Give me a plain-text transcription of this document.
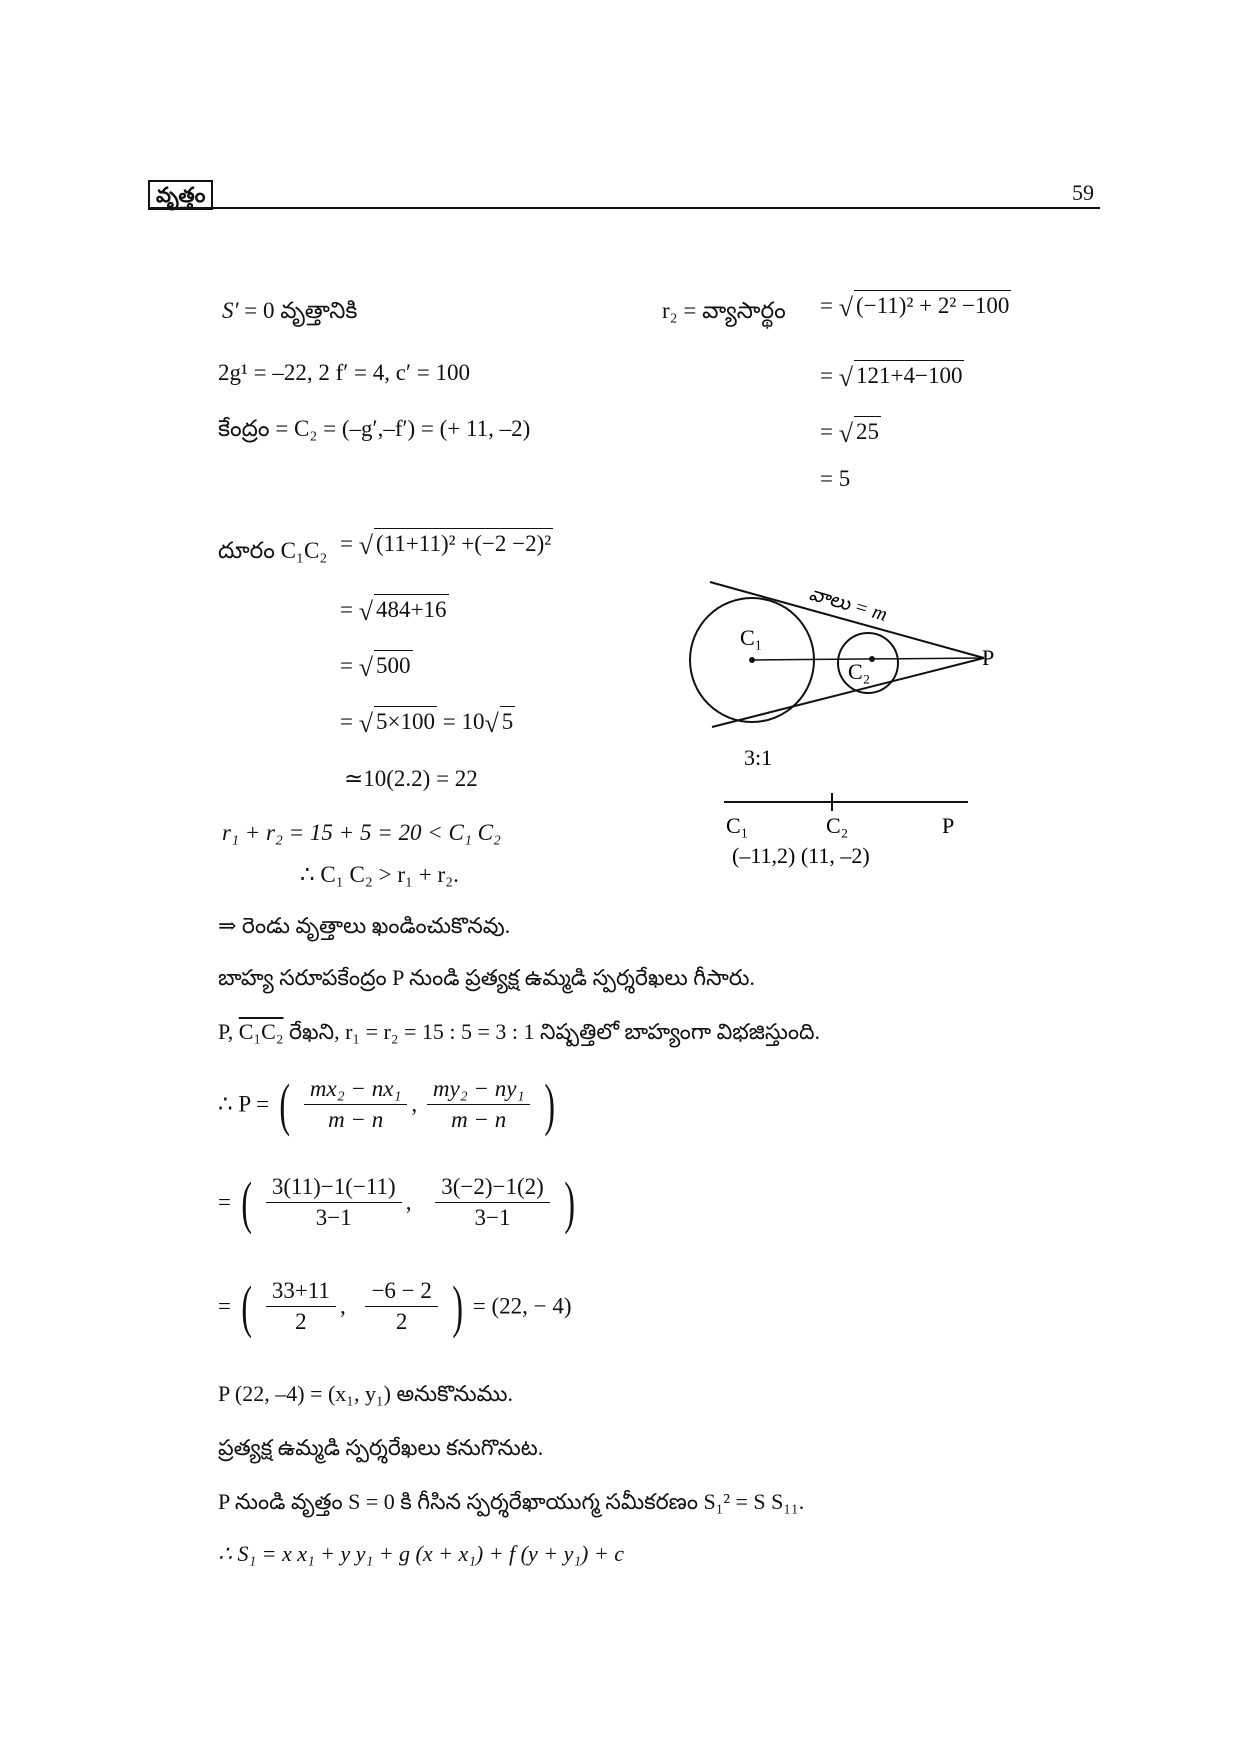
వృత్తం	59
S′ = 0 వృత్తానికి
2g¹ = –22, 2 f′ = 4, c′ = 100
కేంద్రం = C₂ = (–g′,–f′) = (+ 11, –2)
r₂ = వ్యాసార్థం = √ (−11)² + 2² −100
= √ 121+4−100
= √ 25
= 5
దూరం C₁C₂ = √ (11+11)² +(−2 −2)²
= √ 484+16
= √ 500
= √ 5×100 = 10√ 5
≃10(2.2) = 22
r₁ + r₂ = 15 + 5 = 20 < C₁ C₂
∴ C₁ C₂ > r₁ + r₂.
వాలు = m
C₁
C₂
P
3:1
C₁	C₂	P
(–11,2) (11, –2)
⇒ రెండు వృత్తాలు ఖండించుకొనవు.
బాహ్య సరూపకేంద్రం P నుండి ప్రత్యక్ష ఉమ్మడి స్పర్శరేఖలు గీసారు.
P, C₁C₂ రేఖని, r₁ = r₂ = 15 : 5 = 3 : 1 నిష్పత్తిలో బాహ్యంగా విభజిస్తుంది.
∴ P = ( $\frac{\text{mx₂ − nx₁}}{m - n}$ , $\frac{\text{my₂ − ny₁}}{m - n}$ )
= ( $\frac{3(11)-1(-11)}{3-1}$ , $\frac{3(-2)-1(2)}{3-1}$ )
= ( $\frac{33+11}{2}$ , $\frac{-6 - 2}{2}$ ) = (22, − 4)
P (22, –4) = (x₁, y₁) అనుకొనుము.
ప్రత్యక్ష ఉమ్మడి స్పర్శరేఖలు కనుగొనుట.
P నుండి వృత్తం S = 0 కి గీసిన స్పర్శరేఖాయుగ్మ సమీకరణం S₁² = S S₁₁.
∴ S₁ = x x₁ + y y₁ + g (x + x₁) + f (y + y₁) + c
